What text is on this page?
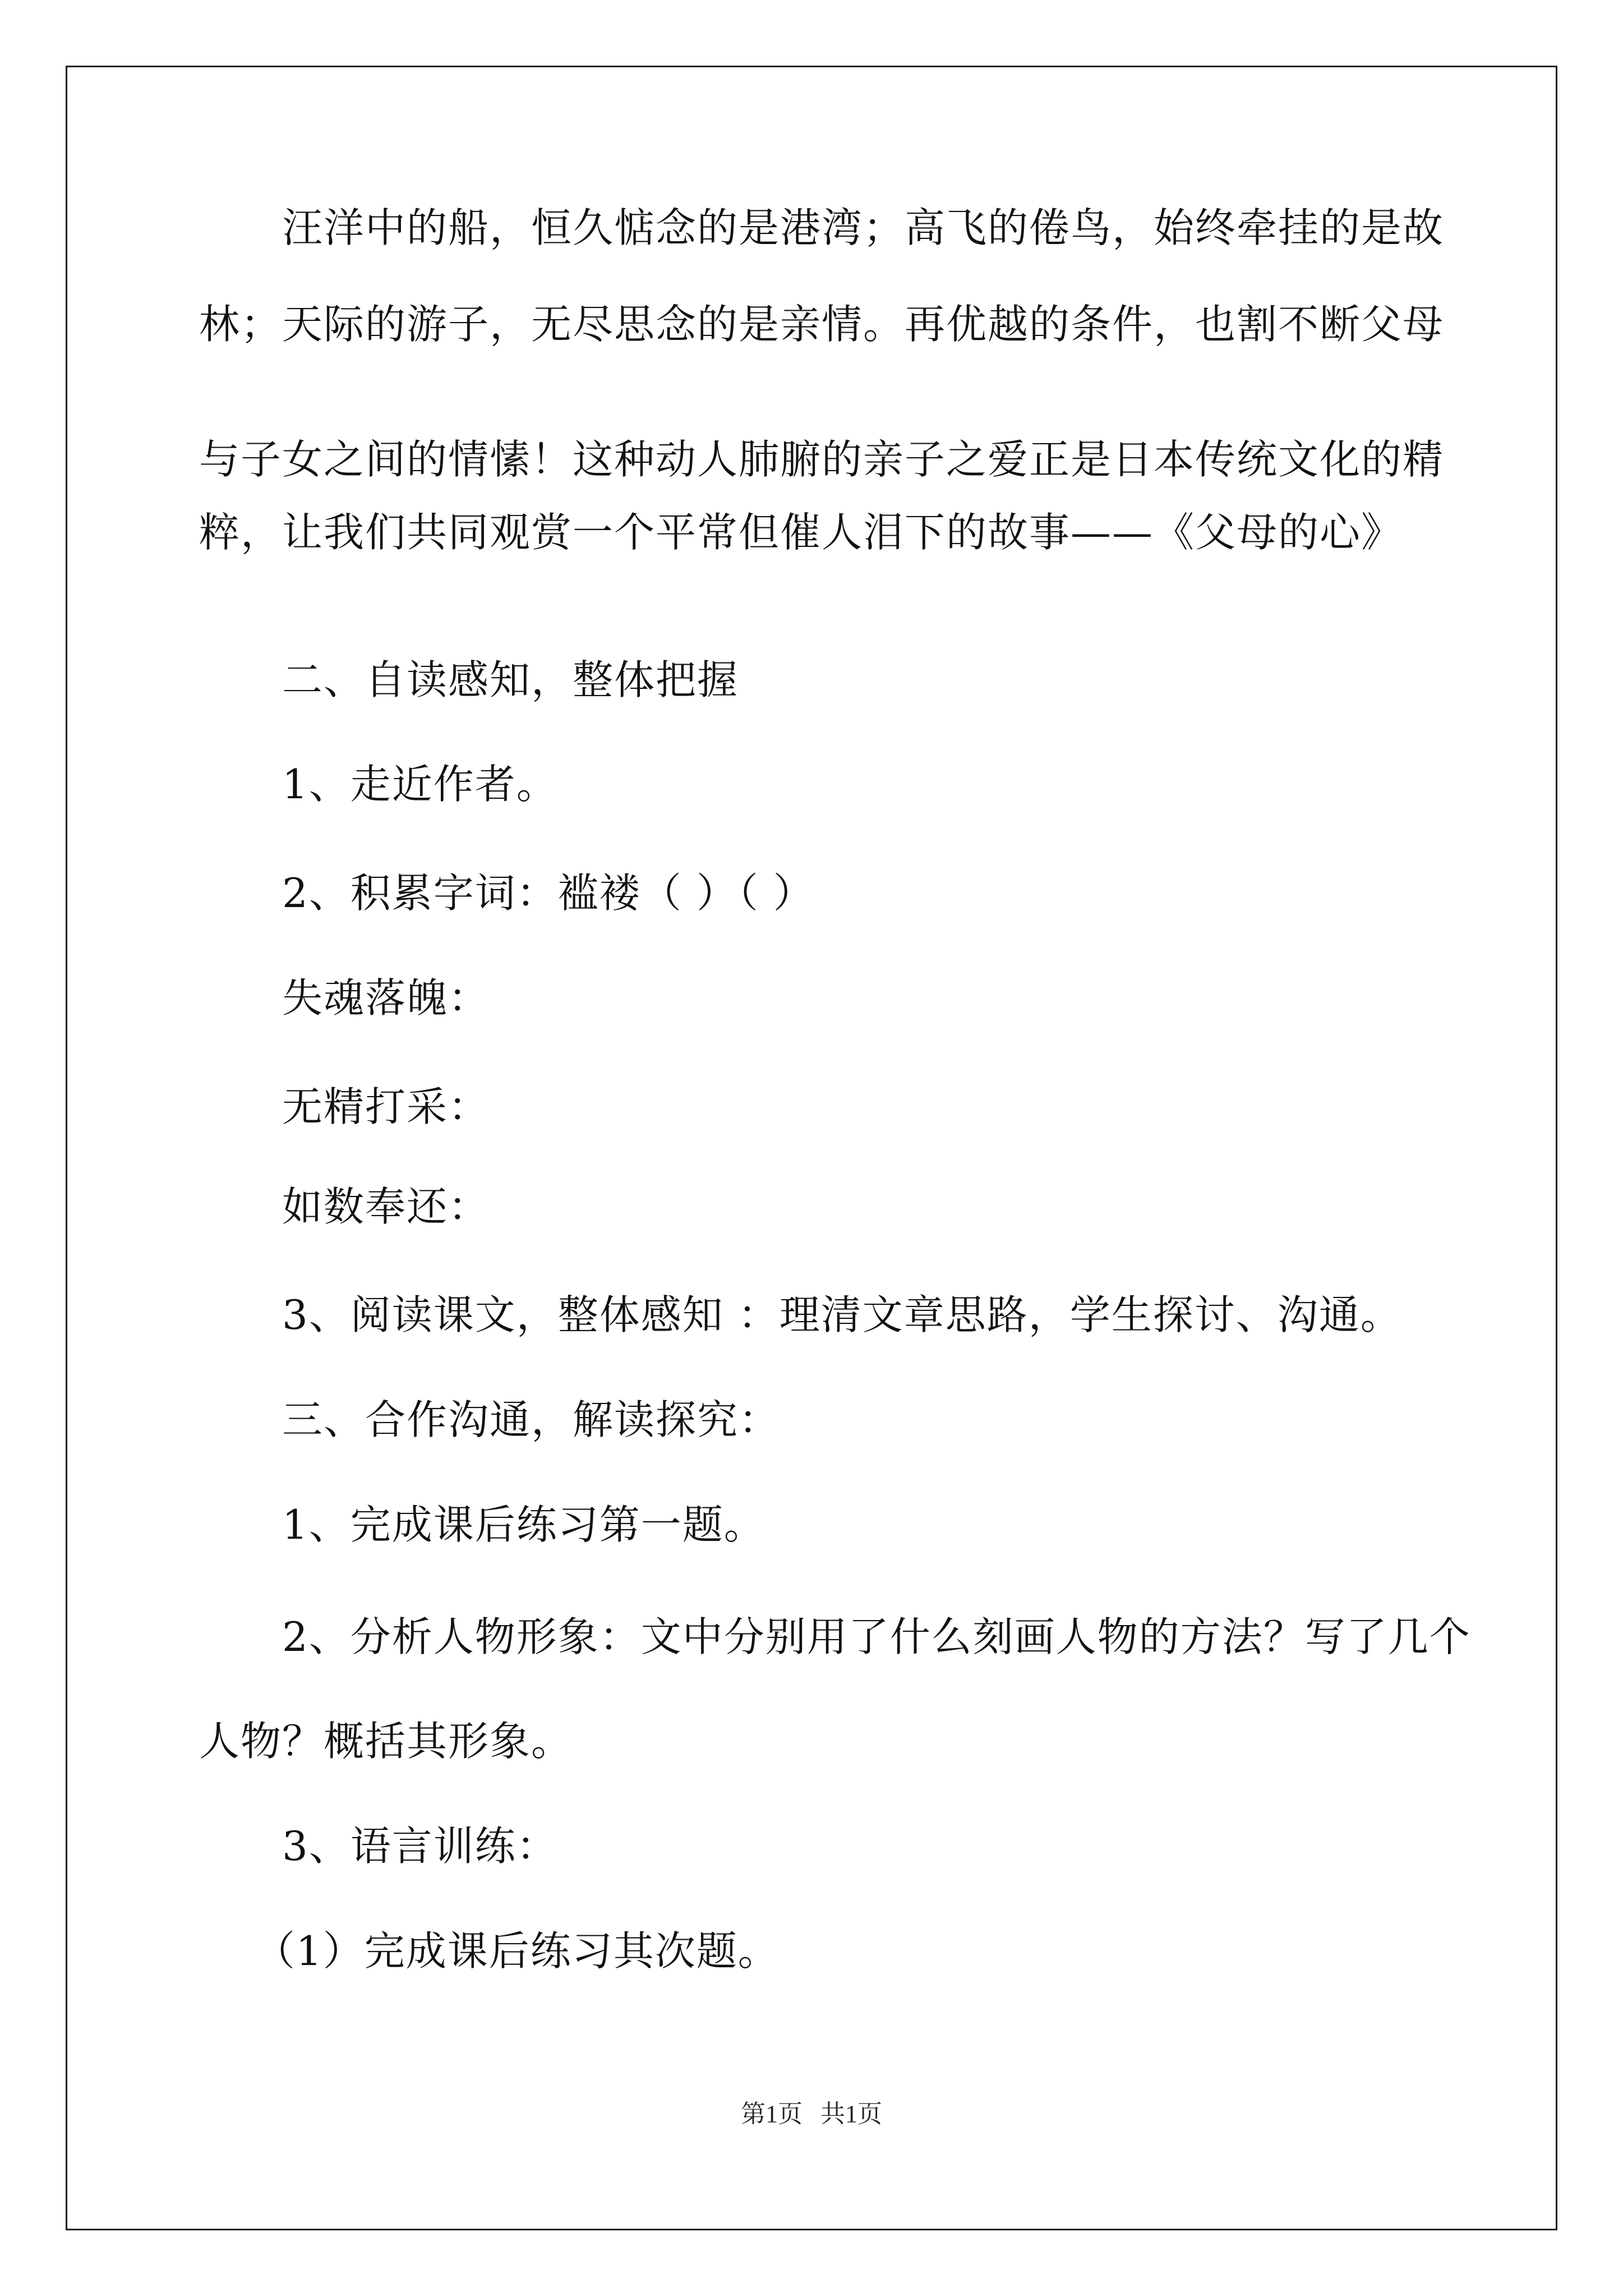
　　汪洋中的船，恒久惦念的是港湾；高飞的倦鸟，始终牵挂的是故
林；天际的游子，无尽思念的是亲情。再优越的条件，也割不断父母
与子女之间的情愫！这种动人肺腑的亲子之爱正是日本传统文化的精
粹，让我们共同观赏一个平常但催人泪下的故事——《父母的心》
　　二、自读感知，整体把握
　　1、走近作者。
　　2、积累字词：褴褛（ ）（ ）
　　失魂落魄：
　　无精打采：
　　如数奉还：
　　3、阅读课文，整体感知 ：理清文章思路，学生探讨、沟通。
　　三、合作沟通，解读探究：
　　1、完成课后练习第一题。
　　2、分析人物形象：文中分别用了什么刻画人物的方法？写了几个
人物？概括其形象。
　　3、语言训练：
　 （1）完成课后练习其次题。
第1页 共1页
